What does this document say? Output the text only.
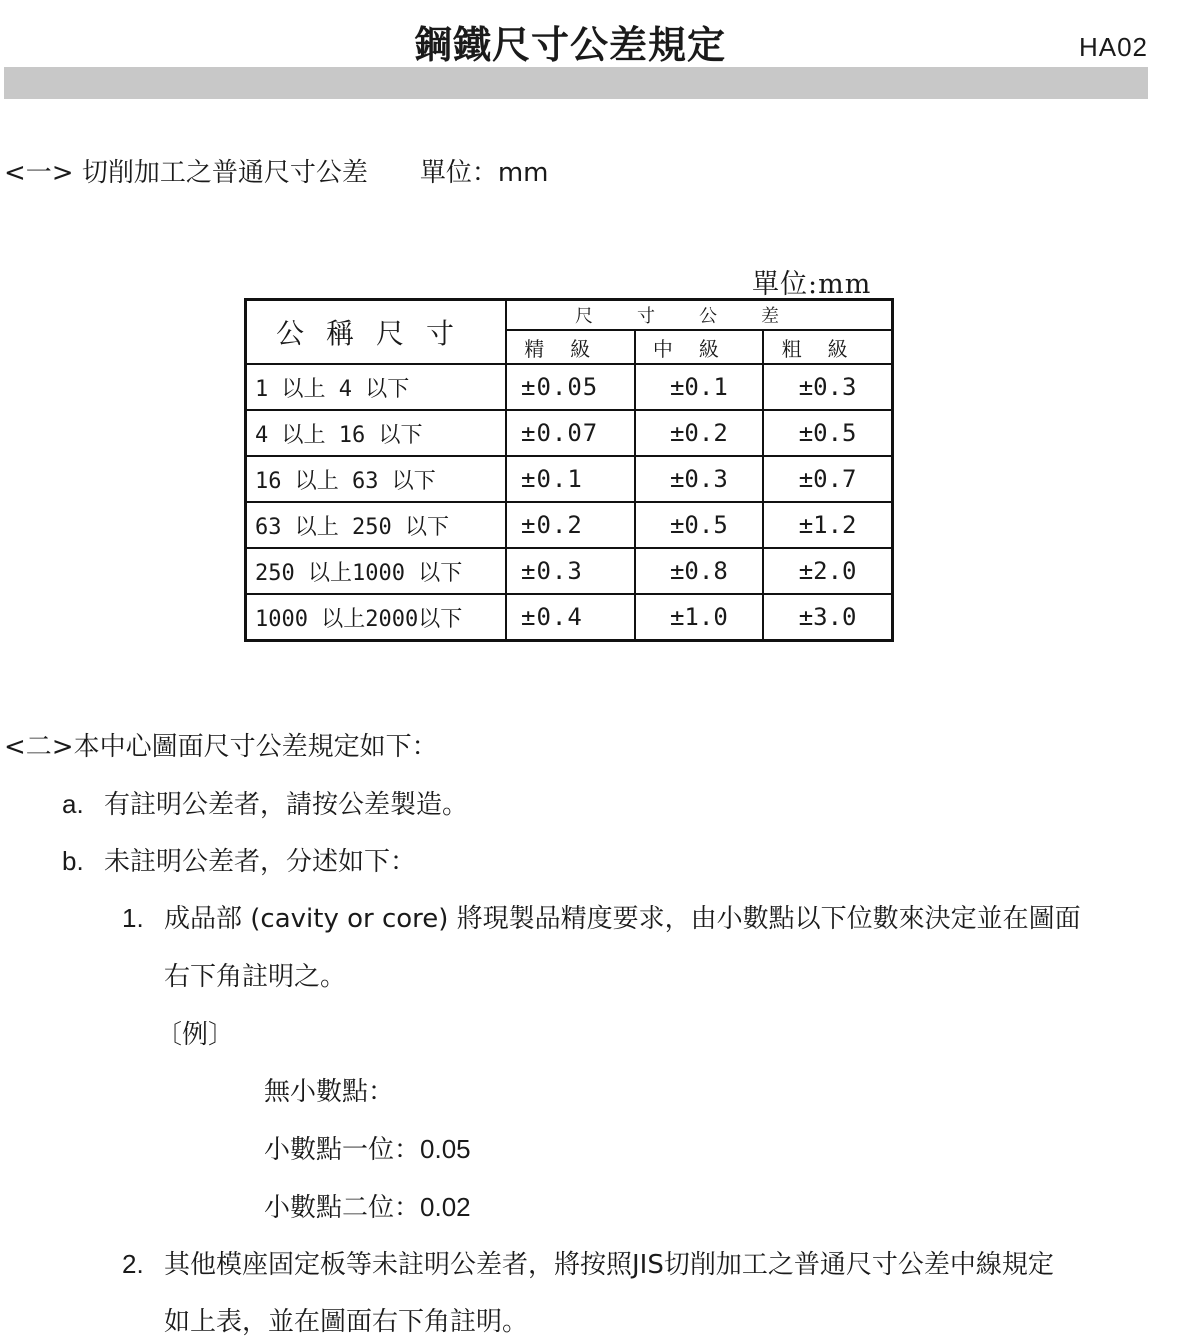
鋼鐵尺寸公差規定	HA02
<一> 切削加工之普通尺寸公差 單位：mm
單位:mm
公稱尺寸	尺寸公差		
	精級	中級	粗級
1 以上 4 以下	±0.05	±0.1	±0.3
4 以上 16 以下	±0.07	±0.2	±0.5
16 以上 63 以下	±0.1	±0.3	±0.7
63 以上 250 以下	±0.2	±0.5	±1.2
250 以上1000 以下	±0.3	±0.8	±2.0
1000 以上2000以下	±0.4	±1.0	±3.0
<二>本中心圖面尺寸公差規定如下：
a. 有註明公差者，請按公差製造。
b. 未註明公差者，分述如下：
1. 成品部 (cavity or core) 將現製品精度要求，由小數點以下位數來決定並在圖面
右下角註明之。
〔例〕
無小數點：
小數點一位：0.05
小數點二位：0.02
2. 其他模座固定板等未註明公差者，將按照JIS切削加工之普通尺寸公差中線規定
如上表，並在圖面右下角註明。
